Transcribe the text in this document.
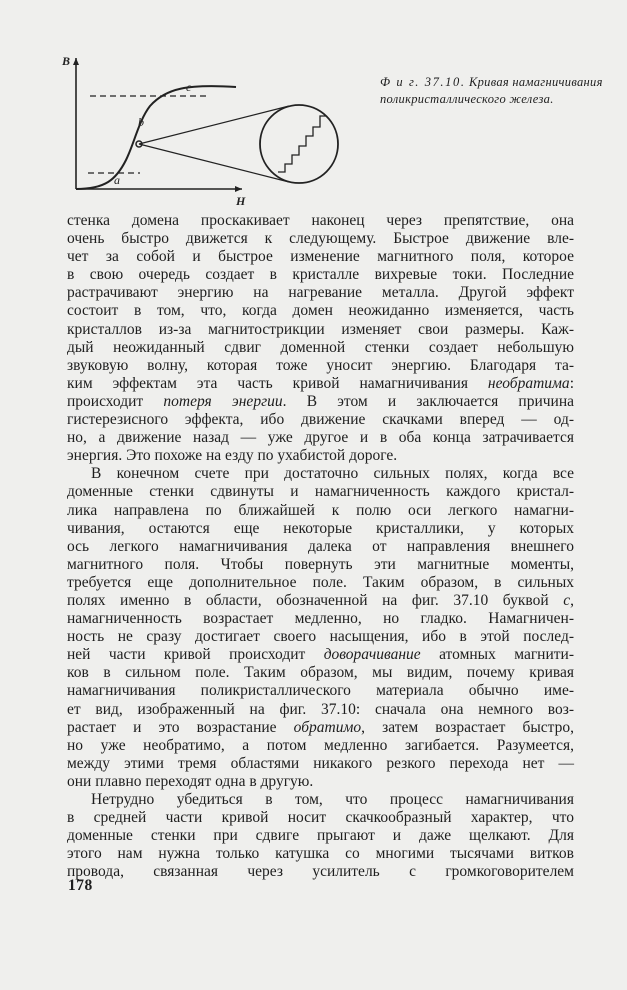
B
H
a
b
c	Ф и г. 37.10. Кривая намагничивания поликристаллического железа.

стенка домена проскакивает наконец через препятствие, она
очень быстро движется к следующему. Быстрое движение вле-
чет за собой и быстрое изменение магнитного поля, которое
в свою очередь создает в кристалле вихревые токи. Последние
растрачивают энергию на нагревание металла. Другой эффект
состоит в том, что, когда домен неожиданно изменяется, часть
кристаллов из-за магнитострикции изменяет свои размеры. Каж-
дый неожиданный сдвиг доменной стенки создает небольшую
звуковую волну, которая тоже уносит энергию. Благодаря та-
ким эффектам эта часть кривой намагничивания необратима:
происходит потеря энергии. В этом и заключается причина
гистерезисного эффекта, ибо движение скачками вперед — од-
но, а движение назад — уже другое и в оба конца затрачивается
энергия. Это похоже на езду по ухабистой дороге.

В конечном счете при достаточно сильных полях, когда все
доменные стенки сдвинуты и намагниченность каждого кристал-
лика направлена по ближайшей к полю оси легкого намагни-
чивания, остаются еще некоторые кристаллики, у которых
ось легкого намагничивания далека от направления внешнего
магнитного поля. Чтобы повернуть эти магнитные моменты,
требуется еще дополнительное поле. Таким образом, в сильных
полях именно в области, обозначенной на фиг. 37.10 буквой с,
намагниченность возрастает медленно, но гладко. Намагничен-
ность не сразу достигает своего насыщения, ибо в этой послед-
ней части кривой происходит доворачивание атомных магнити-
ков в сильном поле. Таким образом, мы видим, почему кривая
намагничивания поликристаллического материала обычно име-
ет вид, изображенный на фиг. 37.10: сначала она немного воз-
растает и это возрастание обратимо, затем возрастает быстро,
но уже необратимо, а потом медленно загибается. Разумеется,
между этими тремя областями никакого резкого перехода нет —
они плавно переходят одна в другую.

Нетрудно убедиться в том, что процесс намагничивания
в средней части кривой носит скачкообразный характер, что
доменные стенки при сдвиге прыгают и даже щелкают. Для
этого нам нужна только катушка со многими тысячами витков
провода, связанная через усилитель с громкоговорителем

178
